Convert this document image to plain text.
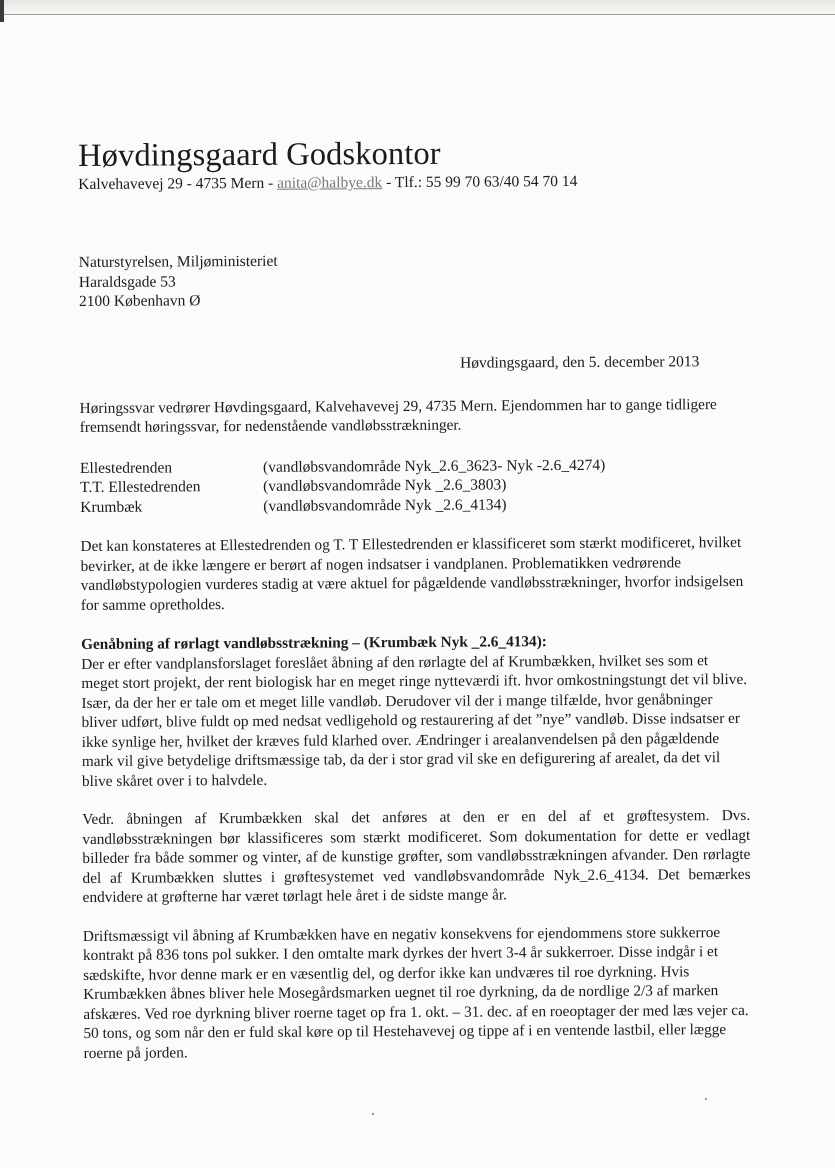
Høvdingsgaard Godskontor
Kalvehavevej 29 - 4735 Mern - anita@halbye.dk - Tlf.: 55 99 70 63/40 54 70 14
Naturstyrelsen, Miljøministeriet
Haraldsgade 53
2100 København Ø
Høvdingsgaard, den 5. december 2013

Høringssvar vedrører Høvdingsgaard, Kalvehavevej 29, 4735 Mern. Ejendommen har to gange tidligere fremsendt høringssvar, for nedenstående vandløbsstrækninger.

Ellestedrenden	(vandløbsvandområde Nyk_2.6_3623- Nyk -2.6_4274)
T.T. Ellestedrenden	(vandløbsvandområde Nyk _2.6_3803)
Krumbæk	(vandløbsvandområde Nyk _2.6_4134)

Det kan konstateres at Ellestedrenden og T. T Ellestedrenden er klassificeret som stærkt modificeret, hvilket bevirker, at de ikke længere er berørt af nogen indsatser i vandplanen. Problematikken vedrørende vandløbstypologien vurderes stadig at være aktuel for pågældende vandløbsstrækninger, hvorfor indsigelsen for samme opretholdes.

Genåbning af rørlagt vandløbsstrækning – (Krumbæk Nyk _2.6_4134):

Der er efter vandplansforslaget foreslået åbning af den rørlagte del af Krumbækken, hvilket ses som et meget stort projekt, der rent biologisk har en meget ringe nytteværdi ift. hvor omkostningstungt det vil blive. Især, da der her er tale om et meget lille vandløb. Derudover vil der i mange tilfælde, hvor genåbninger bliver udført, blive fuldt op med nedsat vedligehold og restaurering af det ”nye” vandløb. Disse indsatser er ikke synlige her, hvilket der kræves fuld klarhed over. Ændringer i arealanvendelsen på den pågældende mark vil give betydelige driftsmæssige tab, da der i stor grad vil ske en defigurering af arealet, da det vil blive skåret over i to halvdele.

Vedr. åbningen af Krumbækken skal det anføres at den er en del af et grøftesystem. Dvs. vandløbsstrækningen bør klassificeres som stærkt modificeret. Som dokumentation for dette er vedlagt billeder fra både sommer og vinter, af de kunstige grøfter, som vandløbsstrækningen afvander. Den rørlagte del af Krumbækken sluttes i grøftesystemet ved vandløbsvandområde Nyk_2.6_4134. Det bemærkes endvidere at grøfterne har været tørlagt hele året i de sidste mange år.

Driftsmæssigt vil åbning af Krumbækken have en negativ konsekvens for ejendommens store sukkerroe kontrakt på 836 tons pol sukker. I den omtalte mark dyrkes der hvert 3-4 år sukkerroer. Disse indgår i et sædskifte, hvor denne mark er en væsentlig del, og derfor ikke kan undværes til roe dyrkning. Hvis Krumbækken åbnes bliver hele Mosegårdsmarken uegnet til roe dyrkning, da de nordlige 2/3 af marken afskæres. Ved roe dyrkning bliver roerne taget op fra 1. okt. – 31. dec. af en roeoptager der med læs vejer ca. 50 tons, og som når den er fuld skal køre op til Hestehavevej og tippe af i en ventende lastbil, eller lægge roerne på jorden.
